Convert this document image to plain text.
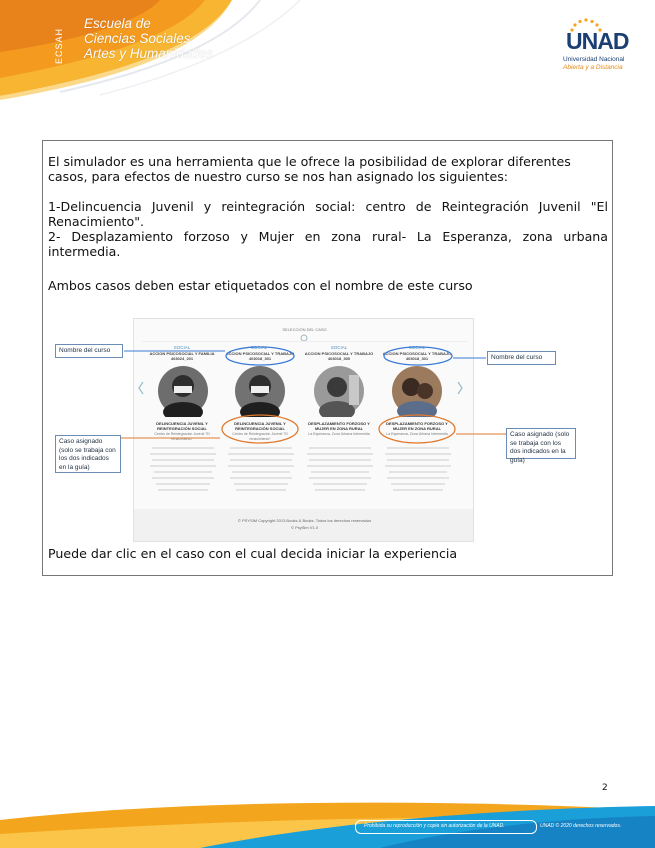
ECSAH
Escuela de
Ciencias Sociales
Artes y Humanidades	UNAD
Universidad Nacional
Abierta y a Distancia
El simulador es una herramienta que le ofrece la posibilidad de explorar diferentes casos, para efectos de nuestro curso se nos han asignado los siguientes:
1-Delincuencia Juvenil y reintegración social: centro de Reintegración Juvenil "El Renacimiento".
2- Desplazamiento forzoso y Mujer en zona rural- La Esperanza, zona urbana intermedia.
Ambos casos deben estar etiquetados con el nombre de este curso
SELECCIÓN DEL CASO
SOCIAL
ACCION PSICOSOCIAL Y FAMILIA 403024_201
DELINCUENCIA JUVENIL Y REINTEGRACIÓN SOCIAL
Centro de Reintegración Juvenil "El renacimiento"
SOCIAL
ACCION PSICOSOCIAL Y TRABAJO 403018_301
DELINCUENCIA JUVENIL Y REINTEGRACIÓN SOCIAL
Centro de Reintegración Juvenil "El renacimiento"
SOCIAL
ACCION PSICOSOCIAL Y TRABAJO 403018_300
DESPLAZAMIENTO FORZOSO Y MUJER EN ZONA RURAL
La Esperanza, Zona Urbana Intermedia
SOCIAL
ACCION PSICOSOCIAL Y TRABAJO 403018_301
DESPLAZAMIENTO FORZOSO Y MUJER EN ZONA RURAL
La Esperanza, Zona Urbana Intermedia
© PSYSIM Copyright 2013 Books & Books. Todos los derechos reservados
© PsySim V1.0
Nombre del curso
Nombre del curso
Caso asignado (solo se trabaja con los dos indicados en la guía)
Caso asignado (solo se trabaja con los dos indicados en la guía)
Puede dar clic en el caso con el cual decida iniciar la experiencia
2
Prohibida su reproducción y copia sin autorización de la UNAD.	UNAD © 2020 derechos reservados.
